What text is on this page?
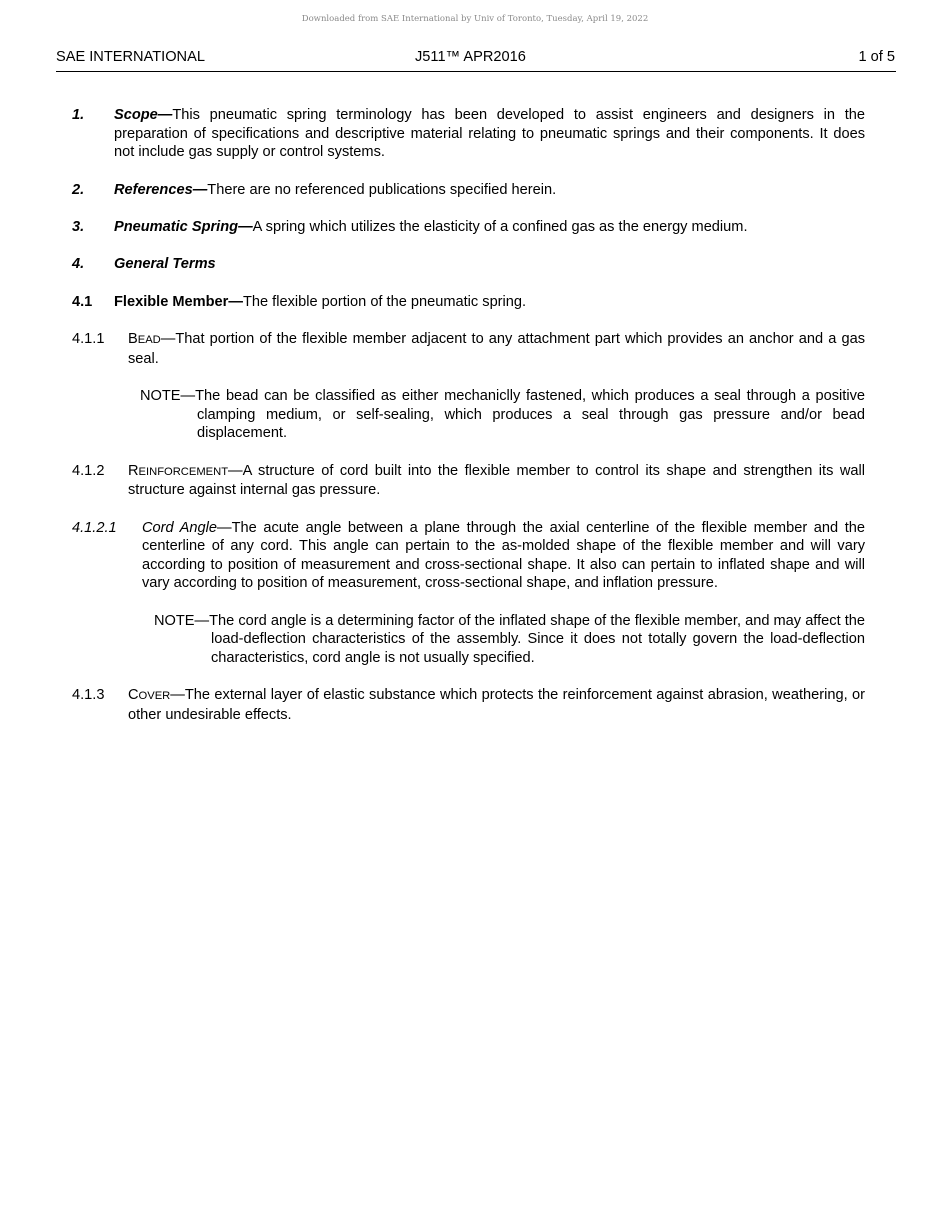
Downloaded from SAE International by Univ of Toronto, Tuesday, April 19, 2022
SAE INTERNATIONAL	J511™ APR2016	1 of 5
1. Scope—This pneumatic spring terminology has been developed to assist engineers and designers in the preparation of specifications and descriptive material relating to pneumatic springs and their components. It does not include gas supply or control systems.
2. References—There are no referenced publications specified herein.
3. Pneumatic Spring—A spring which utilizes the elasticity of a confined gas as the energy medium.
4. General Terms
4.1 Flexible Member—The flexible portion of the pneumatic spring.
4.1.1 BEAD—That portion of the flexible member adjacent to any attachment part which provides an anchor and a gas seal.
NOTE—The bead can be classified as either mechaniclly fastened, which produces a seal through a positive clamping medium, or self-sealing, which produces a seal through gas pressure and/or bead displacement.
4.1.2 REINFORCEMENT—A structure of cord built into the flexible member to control its shape and strengthen its wall structure against internal gas pressure.
4.1.2.1 Cord Angle—The acute angle between a plane through the axial centerline of the flexible member and the centerline of any cord. This angle can pertain to the as-molded shape of the flexible member and will vary according to position of measurement and cross-sectional shape. It also can pertain to inflated shape and will vary according to position of measurement, cross-sectional shape, and inflation pressure.
NOTE—The cord angle is a determining factor of the inflated shape of the flexible member, and may affect the load-deflection characteristics of the assembly. Since it does not totally govern the load-deflection characteristics, cord angle is not usually specified.
4.1.3 COVER—The external layer of elastic substance which protects the reinforcement against abrasion, weathering, or other undesirable effects.
